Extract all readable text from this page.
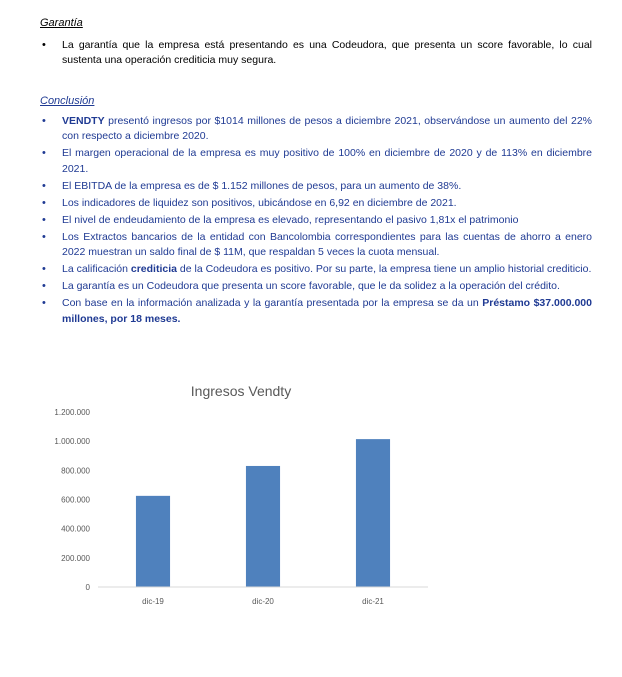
Garantía
• La garantía que la empresa está presentando es una Codeudora, que presenta un score favorable, lo cual sustenta una operación crediticia muy segura.
Conclusión
• VENDTY presentó ingresos por $1014 millones de pesos a diciembre 2021, observándose un aumento del 22% con respecto a diciembre 2020.
• El margen operacional de la empresa es muy positivo de 100% en diciembre de 2020 y de 113% en diciembre 2021.
• El EBITDA de la empresa es de $ 1.152 millones de pesos, para un aumento de 38%.
• Los indicadores de liquidez son positivos, ubicándose en 6,92 en diciembre de 2021.
• El nivel de endeudamiento de la empresa es elevado, representando el pasivo 1,81x el patrimonio
• Los Extractos bancarios de la entidad con Bancolombia correspondientes para las cuentas de ahorro a enero 2022 muestran un saldo final de $ 11M, que respaldan 5 veces la cuota mensual.
• La calificación crediticia de la Codeudora es positivo. Por su parte, la empresa tiene un amplio historial crediticio.
• La garantía es un Codeudora que presenta un score favorable, que le da solidez a la operación del crédito.
• Con base en la información analizada y la garantía presentada por la empresa se da un Préstamo $37.000.000 millones, por 18 meses.
Ingresos Vendty
0
200.000
400.000
600.000
800.000
1.000.000
1.200.000
dic-19	dic-20	dic-21
